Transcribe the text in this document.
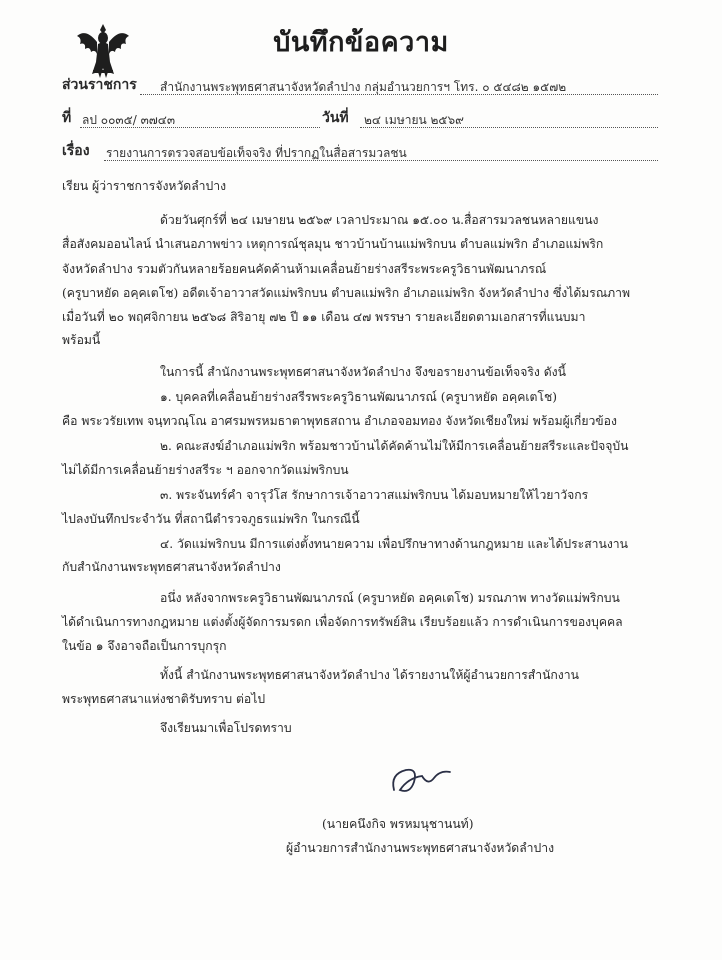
บันทึกข้อความ
ส่วนราชการ สำนักงานพระพุทธศาสนาจังหวัดลำปาง กลุ่มอำนวยการฯ โทร. ๐ ๕๔๘๒ ๑๕๗๒
ที่ ลป ๐๐๓๕/ ๓๗๔๓	วันที่ ๒๔ เมษายน ๒๕๖๙
เรื่อง รายงานการตรวจสอบข้อเท็จจริง ที่ปรากฏในสื่อสารมวลชน
เรียน ผู้ว่าราชการจังหวัดลำปาง
ด้วยวันศุกร์ที่ ๒๔ เมษายน ๒๕๖๙ เวลาประมาณ ๑๕.๐๐ น.สื่อสารมวลชนหลายแขนง
สื่อสังคมออนไลน์ นำเสนอภาพข่าว เหตุการณ์ชุลมุน ชาวบ้านบ้านแม่พริกบน ตำบลแม่พริก อำเภอแม่พริก
จังหวัดลำปาง รวมตัวกันหลายร้อยคนคัดค้านห้ามเคลื่อนย้ายร่างสรีระพระครูวิธานพัฒนาภรณ์
(ครูบาหยัด อคฺคเตโช) อดีตเจ้าอาวาสวัดแม่พริกบน ตำบลแม่พริก อำเภอแม่พริก จังหวัดลำปาง ซึ่งได้มรณภาพ
เมื่อวันที่ ๒๐ พฤศจิกายน ๒๕๖๘ สิริอายุ ๗๒ ปี ๑๑ เดือน ๔๗ พรรษา รายละเอียดตามเอกสารที่แนบมา
พร้อมนี้
ในการนี้ สำนักงานพระพุทธศาสนาจังหวัดลำปาง จึงขอรายงานข้อเท็จจริง ดังนี้
๑. บุคคลที่เคลื่อนย้ายร่างสรีรพระครูวิธานพัฒนาภรณ์ (ครูบาหยัด อคฺคเตโช)
คือ พระวรัยเทพ จนฺทวณฺโณ อาศรมพรหมธาตาพุทธสถาน อำเภอจอมทอง จังหวัดเชียงใหม่ พร้อมผู้เกี่ยวข้อง
๒. คณะสงฆ์อำเภอแม่พริก พร้อมชาวบ้านได้คัดค้านไม่ให้มีการเคลื่อนย้ายสรีระและปัจจุบัน
ไม่ได้มีการเคลื่อนย้ายร่างสรีระ ฯ ออกจากวัดแม่พริกบน
๓. พระจันทร์คำ จารุวํโส รักษาการเจ้าอาวาสแม่พริกบน ได้มอบหมายให้ไวยาวัจกร
ไปลงบันทึกประจำวัน ที่สถานีตำรวจภูธรแม่พริก ในกรณีนี้
๔. วัดแม่พริกบน มีการแต่งตั้งทนายความ เพื่อปรึกษาทางด้านกฎหมาย และได้ประสานงาน
กับสำนักงานพระพุทธศาสนาจังหวัดลำปาง
อนึ่ง หลังจากพระครูวิธานพัฒนาภรณ์ (ครูบาหยัด อคฺคเตโช) มรณภาพ ทางวัดแม่พริกบน
ได้ดำเนินการทางกฎหมาย แต่งตั้งผู้จัดการมรดก เพื่อจัดการทรัพย์สิน เรียบร้อยแล้ว การดำเนินการของบุคคล
ในข้อ ๑ จึงอาจถือเป็นการบุกรุก
ทั้งนี้ สำนักงานพระพุทธศาสนาจังหวัดลำปาง ได้รายงานให้ผู้อำนวยการสำนักงาน
พระพุทธศาสนาแห่งชาติรับทราบ ต่อไป
จึงเรียนมาเพื่อโปรดทราบ
(นายคนึงกิจ พรหมนุชานนท์)
ผู้อำนวยการสำนักงานพระพุทธศาสนาจังหวัดลำปาง
